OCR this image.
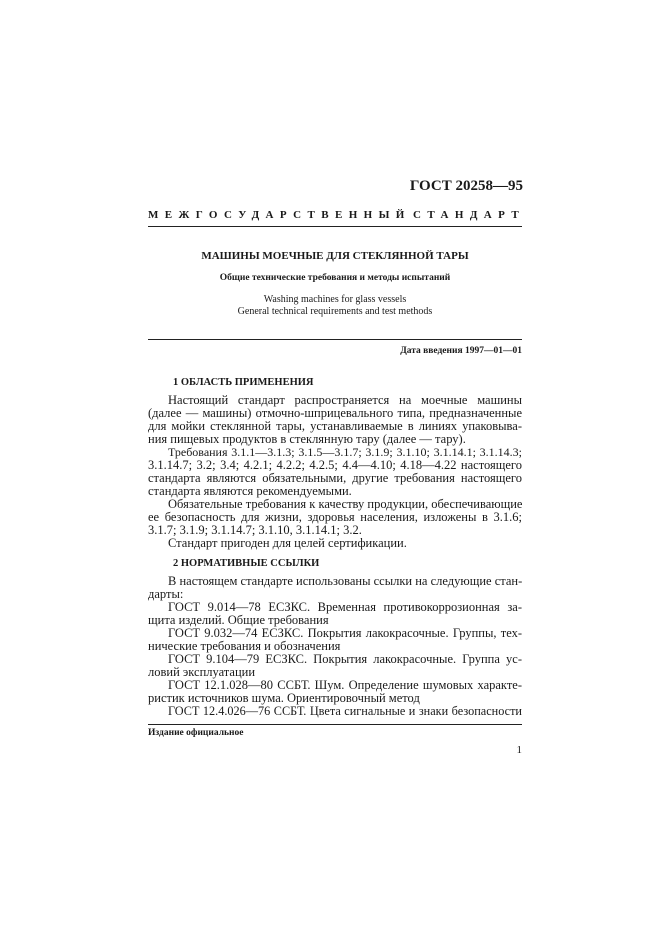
ГОСТ 20258—95
МЕЖГОСУДАРСТВЕННЫЙ СТАНДАРТ
МАШИНЫ МОЕЧНЫЕ ДЛЯ СТЕКЛЯННОЙ ТАРЫ
Общие технические требования и методы испытаний
Washing machines for glass vessels
General technical requirements and test methods
Дата введения 1997—01—01
1 ОБЛАСТЬ ПРИМЕНЕНИЯ
Настоящий стандарт распространяется на моечные машины
(далее — машины) отмочно-шприцевального типа, предназначенные
для мойки стеклянной тары, устанавливаемые в линиях упаковыва-
ния пищевых продуктов в стеклянную тару (далее — тару).
Требования 3.1.1—3.1.3; 3.1.5—3.1.7; 3.1.9; 3.1.10; 3.1.14.1; 3.1.14.3;
3.1.14.7; 3.2; 3.4; 4.2.1; 4.2.2; 4.2.5; 4.4—4.10; 4.18—4.22 настоящего
стандарта являются обязательными, другие требования настоящего
стандарта являются рекомендуемыми.
Обязательные требования к качеству продукции, обеспечивающие
ее безопасность для жизни, здоровья населения, изложены в 3.1.6;
3.1.7; 3.1.9; 3.1.14.7; 3.1.10, 3.1.14.1; 3.2.
Стандарт пригоден для целей сертификации.
2 НОРМАТИВНЫЕ ССЫЛКИ
В настоящем стандарте использованы ссылки на следующие стан-
дарты:
ГОСТ 9.014—78 ЕСЗКС. Временная противокоррозионная за-
щита изделий. Общие требования
ГОСТ 9.032—74 ЕСЗКС. Покрытия лакокрасочные. Группы, тех-
нические требования и обозначения
ГОСТ 9.104—79 ЕСЗКС. Покрытия лакокрасочные. Группа ус-
ловий эксплуатации
ГОСТ 12.1.028—80 ССБТ. Шум. Определение шумовых характе-
ристик источников шума. Ориентировочный метод
ГОСТ 12.4.026—76 ССБТ. Цвета сигнальные и знаки безопасности
Издание официальное
1
